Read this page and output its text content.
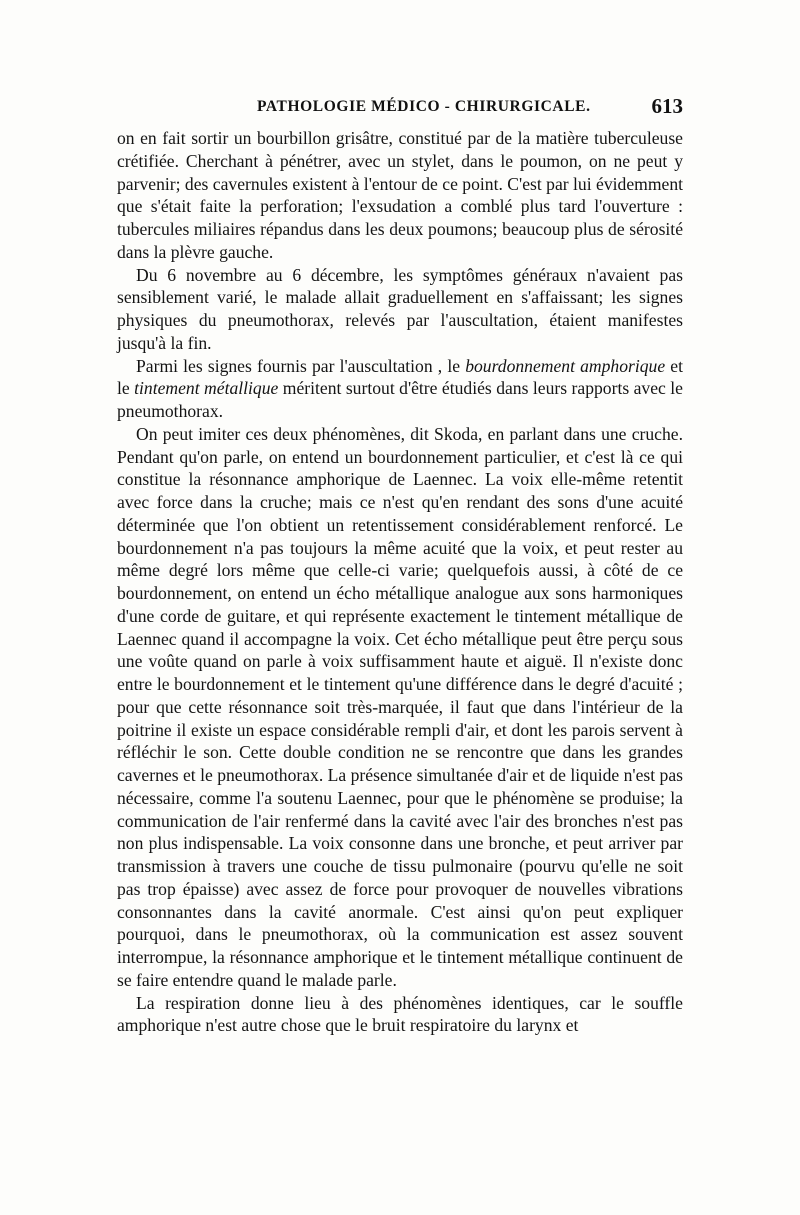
PATHOLOGIE MÉDICO - CHIRURGICALE.	613

on en fait sortir un bourbillon grisâtre, constitué par de la matière tuberculeuse crétifiée. Cherchant à pénétrer, avec un stylet, dans le poumon, on ne peut y parvenir; des cavernules existent à l'entour de ce point. C'est par lui évidemment que s'était faite la perforation; l'exsudation a comblé plus tard l'ouverture : tubercules miliaires répandus dans les deux poumons; beaucoup plus de sérosité dans la plèvre gauche.

Du 6 novembre au 6 décembre, les symptômes généraux n'avaient pas sensiblement varié, le malade allait graduellement en s'affaissant; les signes physiques du pneumothorax, relevés par l'auscultation, étaient manifestes jusqu'à la fin.

Parmi les signes fournis par l'auscultation , le bourdonnement amphorique et le tintement métallique méritent surtout d'être étudiés dans leurs rapports avec le pneumothorax.

On peut imiter ces deux phénomènes, dit Skoda, en parlant dans une cruche. Pendant qu'on parle, on entend un bourdonnement particulier, et c'est là ce qui constitue la résonnance amphorique de Laennec. La voix elle-même retentit avec force dans la cruche; mais ce n'est qu'en rendant des sons d'une acuité déterminée que l'on obtient un retentissement considérablement renforcé. Le bourdonnement n'a pas toujours la même acuité que la voix, et peut rester au même degré lors même que celle-ci varie; quelquefois aussi, à côté de ce bourdonnement, on entend un écho métallique analogue aux sons harmoniques d'une corde de guitare, et qui représente exactement le tintement métallique de Laennec quand il accompagne la voix. Cet écho métallique peut être perçu sous une voûte quand on parle à voix suffisamment haute et aiguë. Il n'existe donc entre le bourdonnement et le tintement qu'une différence dans le degré d'acuité ; pour que cette résonnance soit très-marquée, il faut que dans l'intérieur de la poitrine il existe un espace considérable rempli d'air, et dont les parois servent à réfléchir le son. Cette double condition ne se rencontre que dans les grandes cavernes et le pneumothorax. La présence simultanée d'air et de liquide n'est pas nécessaire, comme l'a soutenu Laennec, pour que le phénomène se produise; la communication de l'air renfermé dans la cavité avec l'air des bronches n'est pas non plus indispensable. La voix consonne dans une bronche, et peut arriver par transmission à travers une couche de tissu pulmonaire (pourvu qu'elle ne soit pas trop épaisse) avec assez de force pour provoquer de nouvelles vibrations consonnantes dans la cavité anormale. C'est ainsi qu'on peut expliquer pourquoi, dans le pneumothorax, où la communication est assez souvent interrompue, la résonnance amphorique et le tintement métallique continuent de se faire entendre quand le malade parle.

La respiration donne lieu à des phénomènes identiques, car le souffle amphorique n'est autre chose que le bruit respiratoire du larynx et
